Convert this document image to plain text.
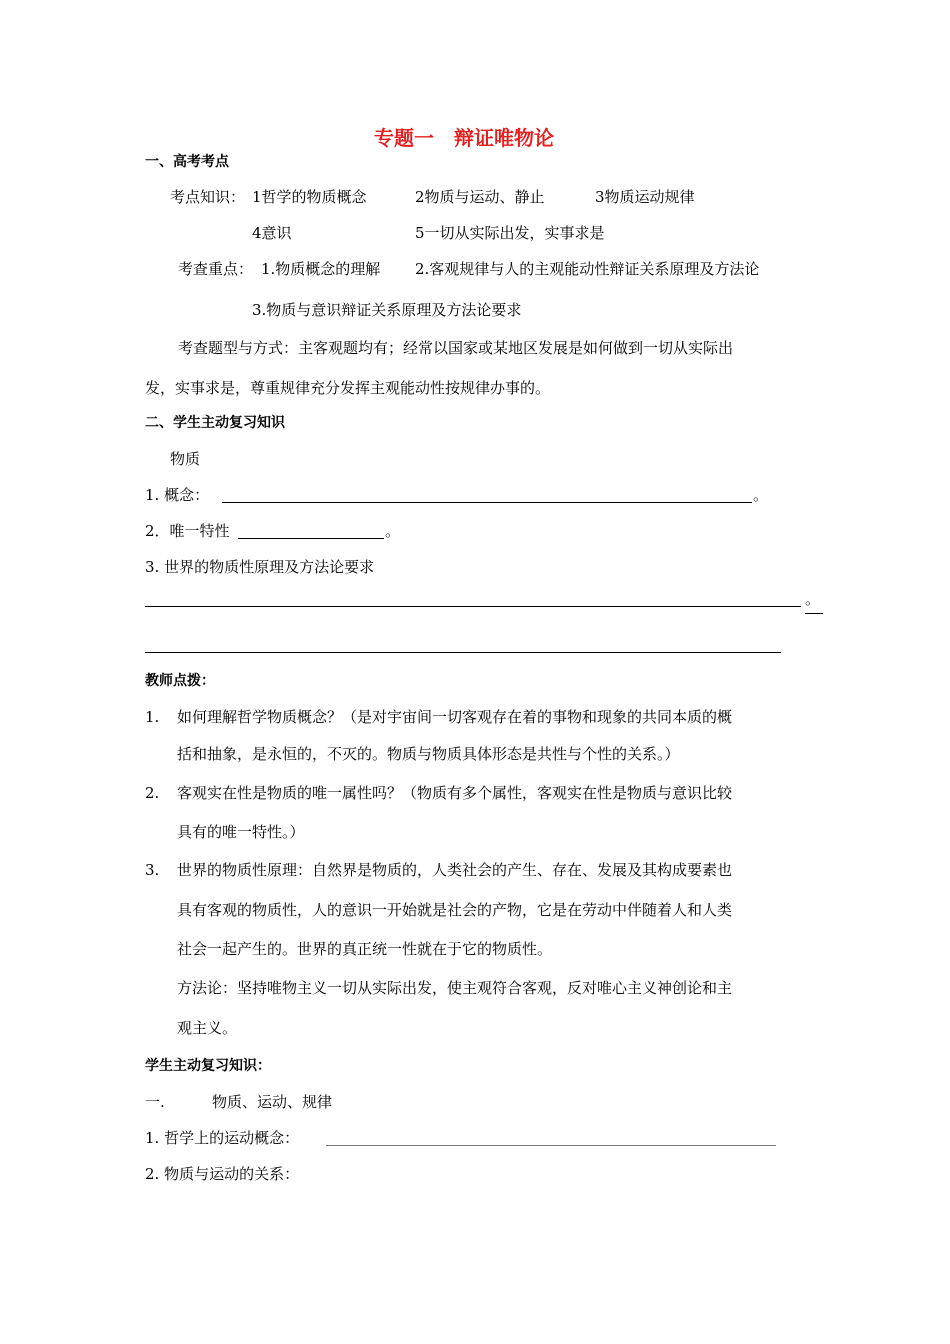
专题一　辩证唯物论
一、高考考点
考点知识： 1哲学的物质概念	2物质与运动、静止	3物质运动规律
4意识	5一切从实际出发，实事求是
考查重点： 1.物质概念的理解 2.客观规律与人的主观能动性辩证关系原理及方法论
3.物质与意识辩证关系原理及方法论要求
考查题型与方式：主客观题均有；经常以国家或某地区发展是如何做到一切从实际出
发，实事求是，尊重规律充分发挥主观能动性按规律办事的。
二、学生主动复习知识
物质
1. 概念：	。
2．唯一特性	。
3. 世界的物质性原理及方法论要求
。
教师点拨：
1. 如何理解哲学物质概念？（是对宇宙间一切客观存在着的事物和现象的共同本质的概
括和抽象，是永恒的，不灭的。物质与物质具体形态是共性与个性的关系。）
2. 客观实在性是物质的唯一属性吗？（物质有多个属性，客观实在性是物质与意识比较
具有的唯一特性。）
3. 世界的物质性原理：自然界是物质的，人类社会的产生、存在、发展及其构成要素也
具有客观的物质性，人的意识一开始就是社会的产物，它是在劳动中伴随着人和人类
社会一起产生的。世界的真正统一性就在于它的物质性。
方法论：坚持唯物主义一切从实际出发，使主观符合客观，反对唯心主义神创论和主
观主义。
学生主动复习知识：
一.	物质、运动、规律
1. 哲学上的运动概念：
2. 物质与运动的关系：
